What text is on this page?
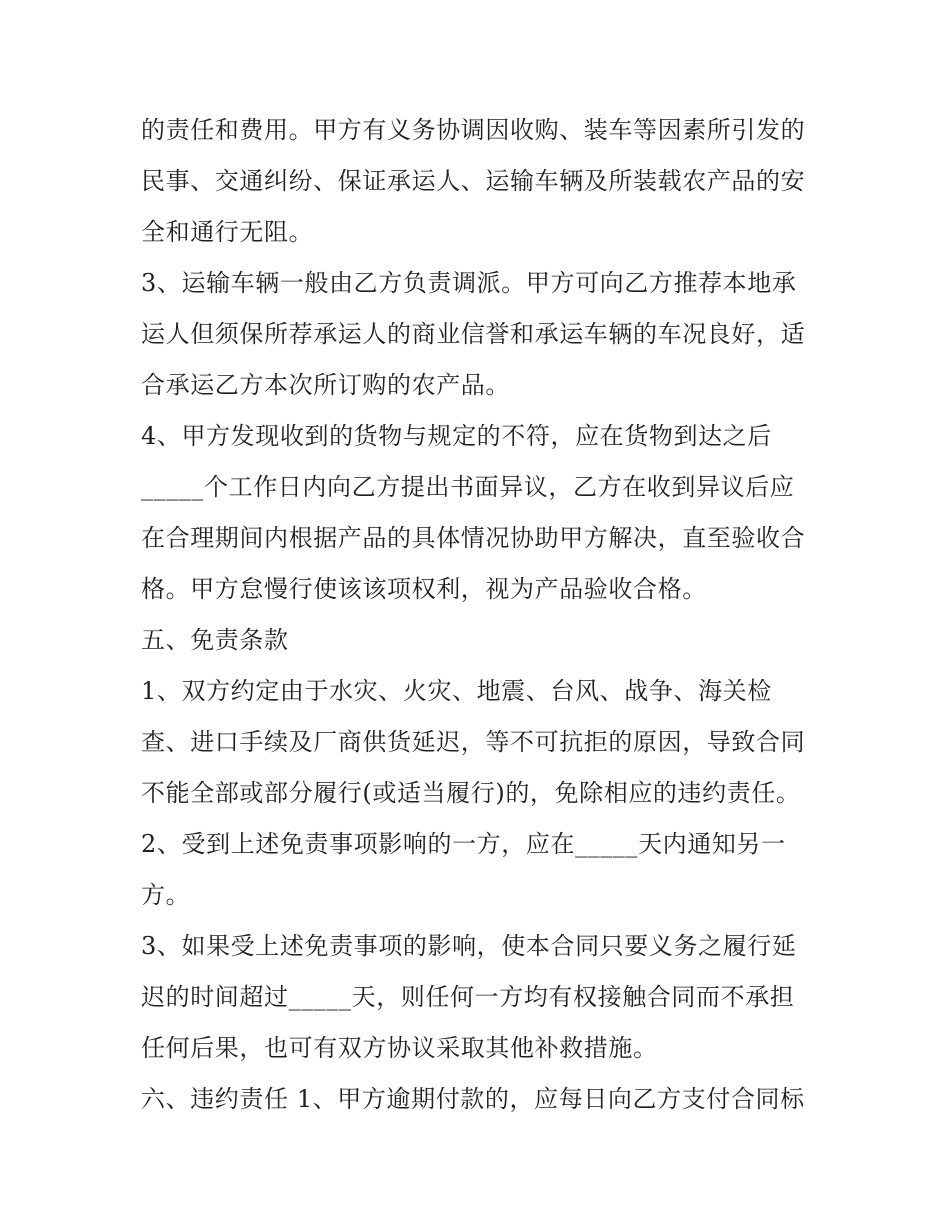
的责任和费用。甲方有义务协调因收购、装车等因素所引发的
民事、交通纠纷、保证承运人、运输车辆及所装载农产品的安
全和通行无阻。
3、运输车辆一般由乙方负责调派。甲方可向乙方推荐本地承
运人但须保所荐承运人的商业信誉和承运车辆的车况良好，适
合承运乙方本次所订购的农产品。
4、甲方发现收到的货物与规定的不符，应在货物到达之后
_____个工作日内向乙方提出书面异议，乙方在收到异议后应
在合理期间内根据产品的具体情况协助甲方解决，直至验收合
格。甲方怠慢行使该该项权利，视为产品验收合格。
五、免责条款
1、双方约定由于水灾、火灾、地震、台风、战争、海关检
查、进口手续及厂商供货延迟，等不可抗拒的原因，导致合同
不能全部或部分履行(或适当履行)的，免除相应的违约责任。
2、受到上述免责事项影响的一方，应在_____天内通知另一
方。
3、如果受上述免责事项的影响，使本合同只要义务之履行延
迟的时间超过_____天，则任何一方均有权接触合同而不承担
任何后果，也可有双方协议采取其他补救措施。
六、违约责任 1、甲方逾期付款的，应每日向乙方支付合同标
